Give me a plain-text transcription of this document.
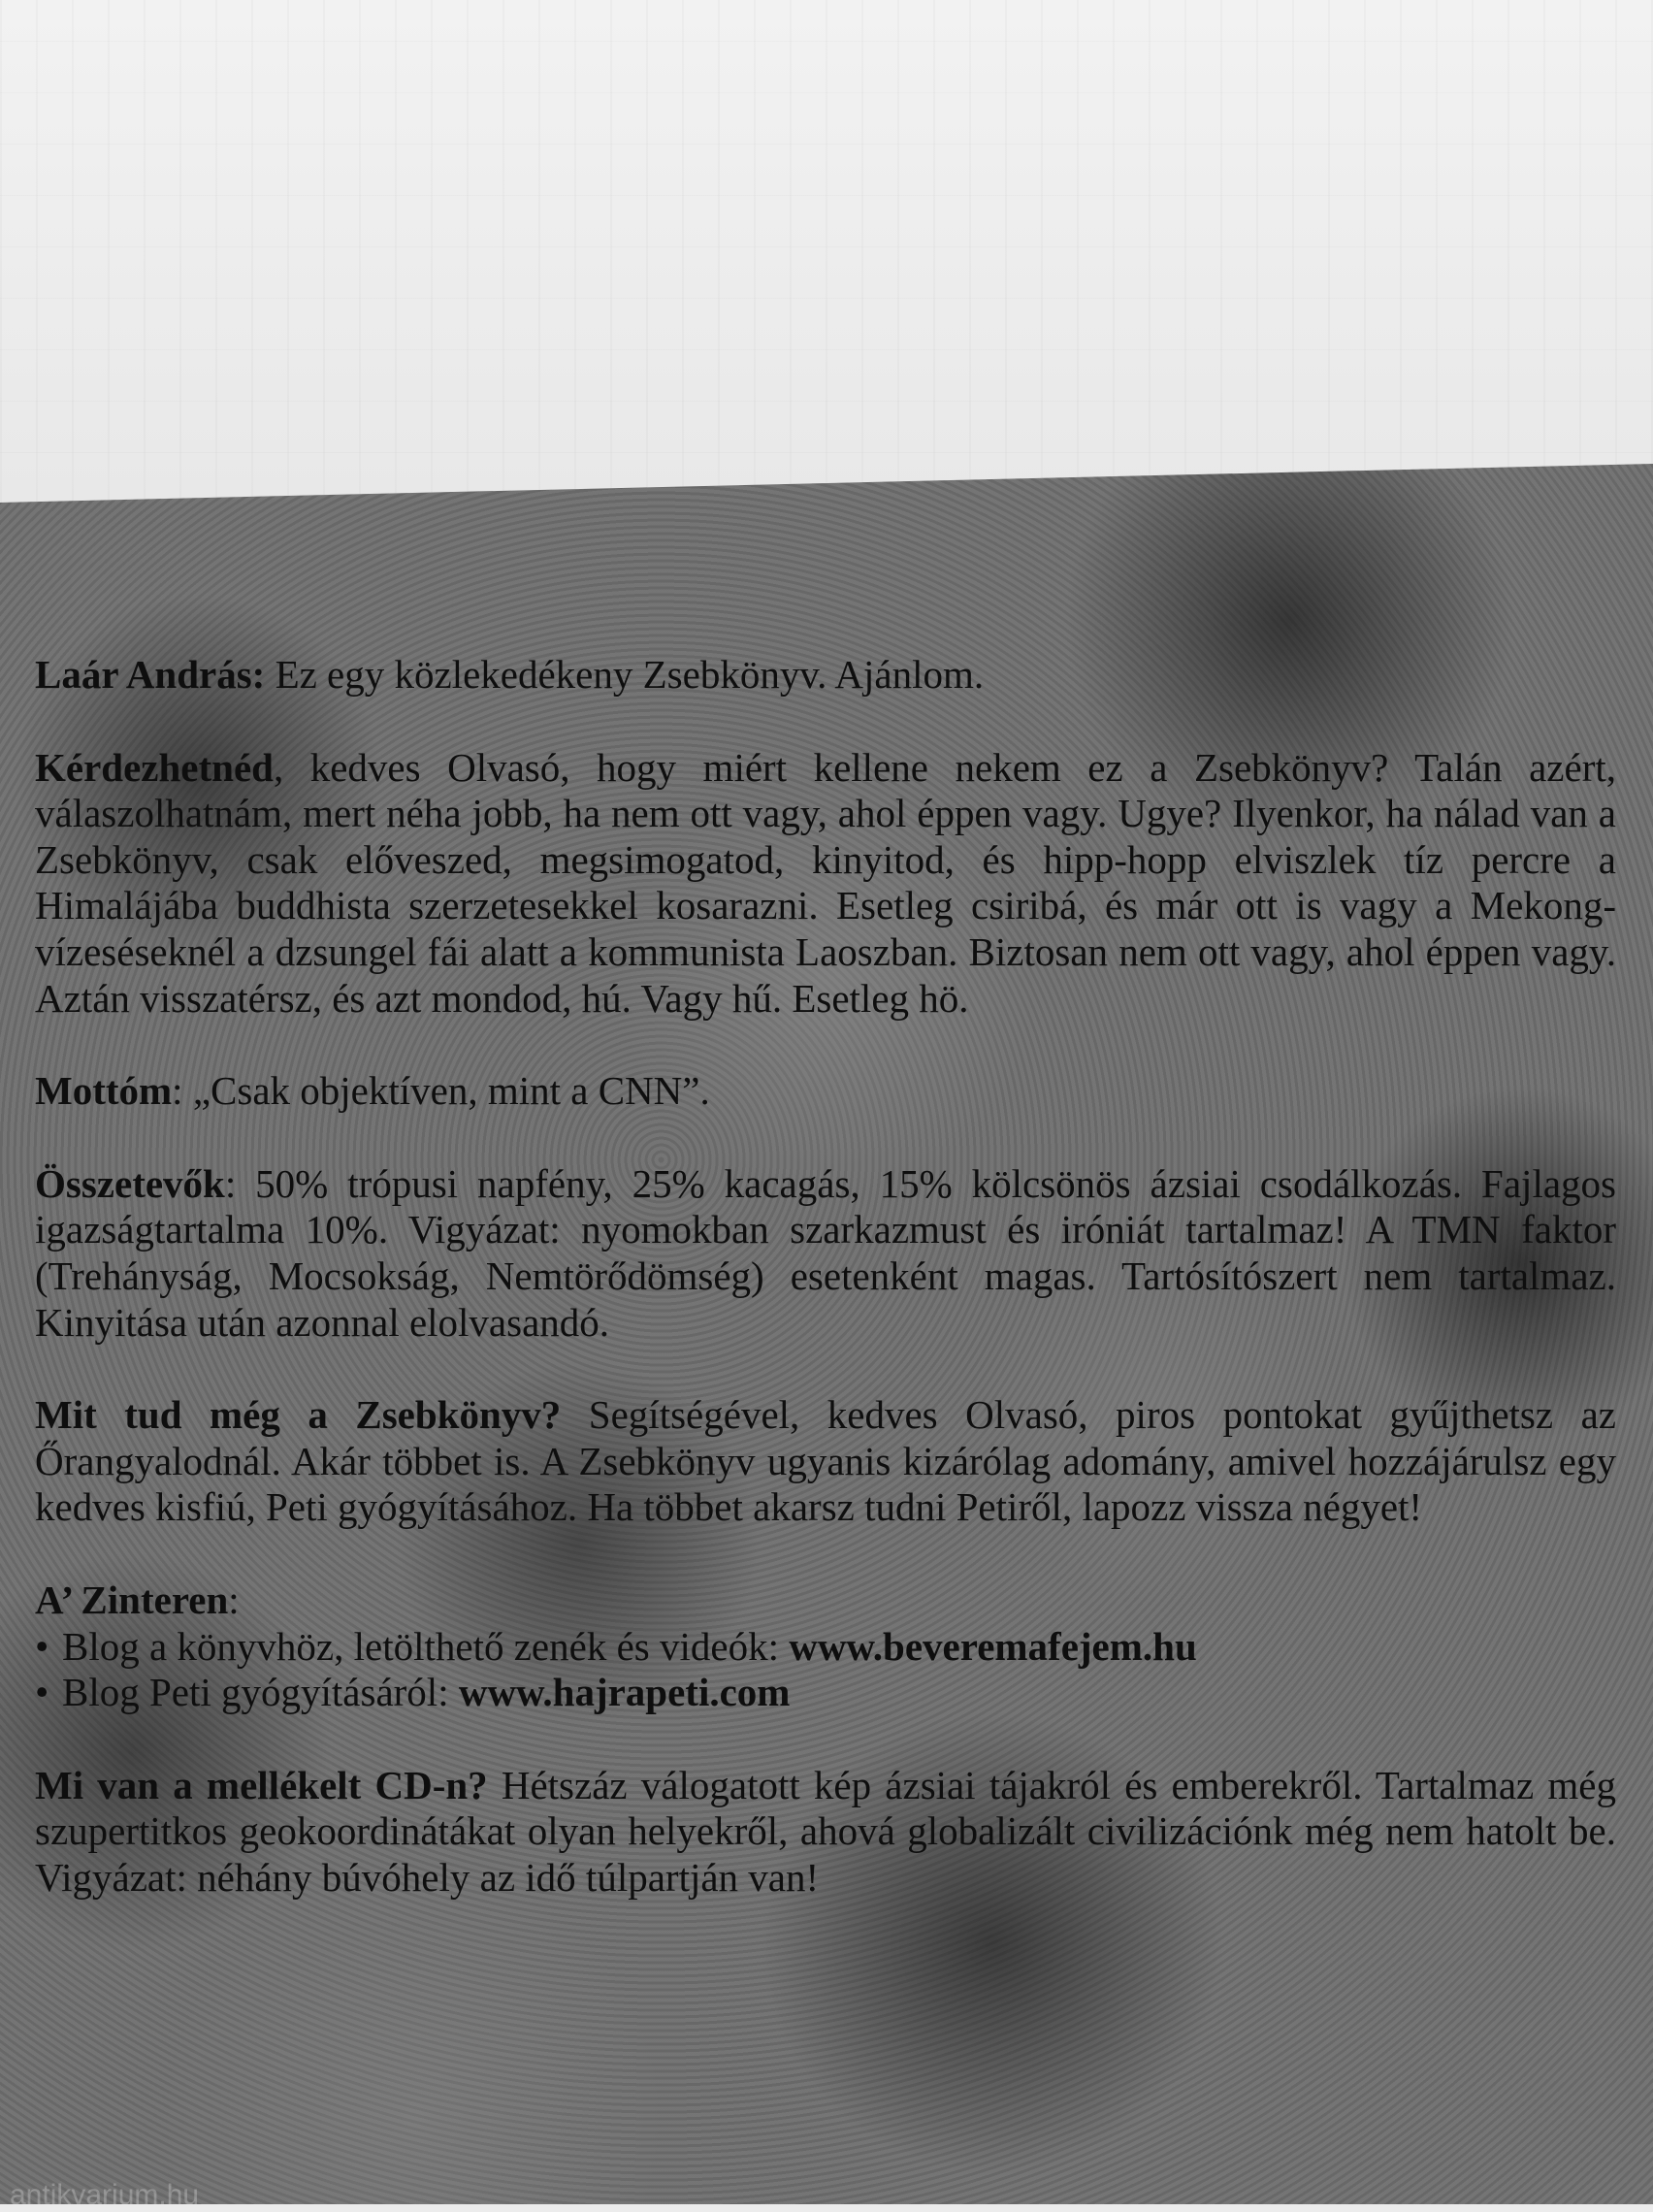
Laár András: Ez egy közlekedékeny Zsebkönyv. Ajánlom.

Kérdezhetnéd, kedves Olvasó, hogy miért kellene nekem ez a Zsebkönyv? Talán azért, válaszolhatnám, mert néha jobb, ha nem ott vagy, ahol éppen vagy. Ugye? Ilyenkor, ha nálad van a Zsebkönyv, csak előveszed, megsimogatod, kinyitod, és hipp-hopp elviszlek tíz percre a Himalájába buddhista szerzetesekkel kosarazni. Esetleg csiribá, és már ott is vagy a Mekong-vízeséseknél a dzsungel fái alatt a kommunista Laoszban. Biztosan nem ott vagy, ahol éppen vagy. Aztán visszatérsz, és azt mondod, hú. Vagy hű. Esetleg hö.

Mottóm: „Csak objektíven, mint a CNN”.

Összetevők: 50% trópusi napfény, 25% kacagás, 15% kölcsönös ázsiai csodálkozás. Fajlagos igazságtartalma 10%. Vigyázat: nyomokban szarkazmust és iróniát tartalmaz! A TMN faktor (Trehányság, Mocsokság, Nemtörődömség) esetenként magas. Tartósítószert nem tartalmaz. Kinyitása után azonnal elolvasandó.

Mit tud még a Zsebkönyv? Segítségével, kedves Olvasó, piros pontokat gyűjthetsz az Őrangyalodnál. Akár többet is. A Zsebkönyv ugyanis kizárólag adomány, amivel hozzájárulsz egy kedves kisfiú, Peti gyógyításához. Ha többet akarsz tudni Petiről, lapozz vissza négyet!

A’ Zinteren:
• Blog a könyvhöz, letölthető zenék és videók: www.beveremafejem.hu
• Blog Peti gyógyításáról: www.hajrapeti.com

Mi van a mellékelt CD-n? Hétszáz válogatott kép ázsiai tájakról és emberekről. Tartalmaz még szupertitkos geokoordinátákat olyan helyekről, ahová globalizált civilizációnk még nem hatolt be. Vigyázat: néhány búvóhely az idő túlpartján van!

antikvarium.hu
